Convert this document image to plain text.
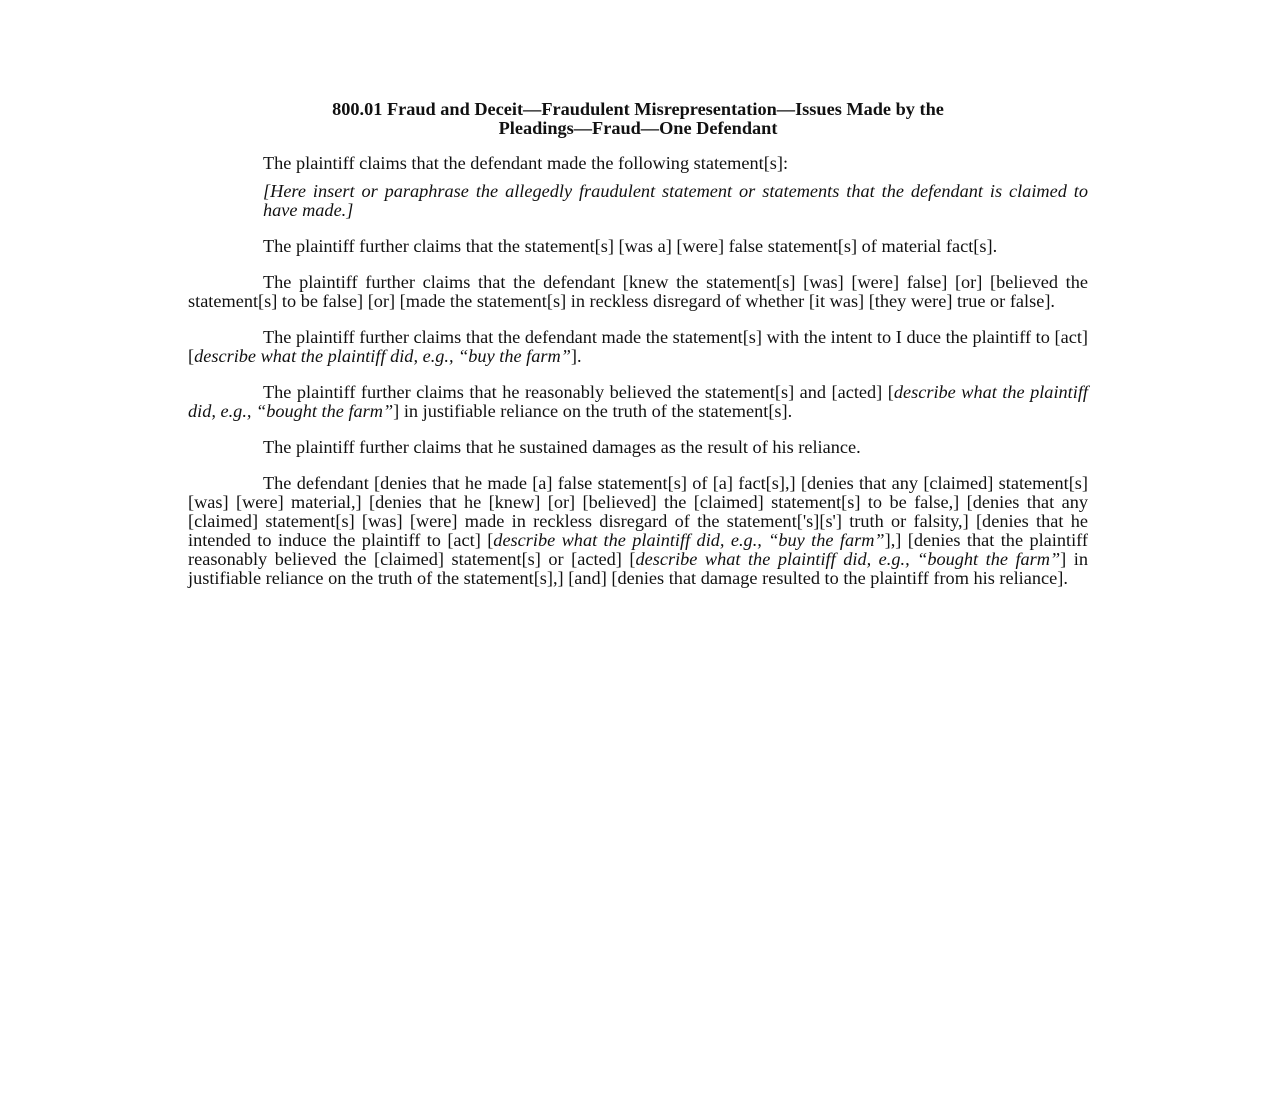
800.01 Fraud and Deceit—Fraudulent Misrepresentation—Issues Made by the
Pleadings—Fraud—One Defendant
The plaintiff claims that the defendant made the following statement[s]:
[Here insert or paraphrase the allegedly fraudulent statement or statements that the defendant is claimed to have made.]
The plaintiff further claims that the statement[s] [was a] [were] false statement[s] of material fact[s].
The plaintiff further claims that the defendant [knew the statement[s] [was] [were] false] [or] [believed the statement[s] to be false] [or] [made the statement[s] in reckless disregard of whether [it was] [they were] true or false].
The plaintiff further claims that the defendant made the statement[s] with the intent to I duce the plaintiff to [act] [describe what the plaintiff did, e.g., “buy the farm”].
The plaintiff further claims that he reasonably believed the statement[s] and [acted] [describe what the plaintiff did, e.g., “bought the farm”] in justifiable reliance on the truth of the statement[s].
The plaintiff further claims that he sustained damages as the result of his reliance.
The defendant [denies that he made [a] false statement[s] of [a] fact[s],] [denies that any [claimed] statement[s] [was] [were] material,] [denies that he [knew] [or] [believed] the [claimed] statement[s] to be false,] [denies that any [claimed] statement[s] [was] [were] made in reckless disregard of the statement['s][s'] truth or falsity,] [denies that he intended to induce the plaintiff to [act] [describe what the plaintiff did, e.g., “buy the farm”],] [denies that the plaintiff reasonably believed the [claimed] statement[s] or [acted] [describe what the plaintiff did, e.g., “bought the farm”] in justifiable reliance on the truth of the statement[s],] [and] [denies that damage resulted to the plaintiff from his reliance].
